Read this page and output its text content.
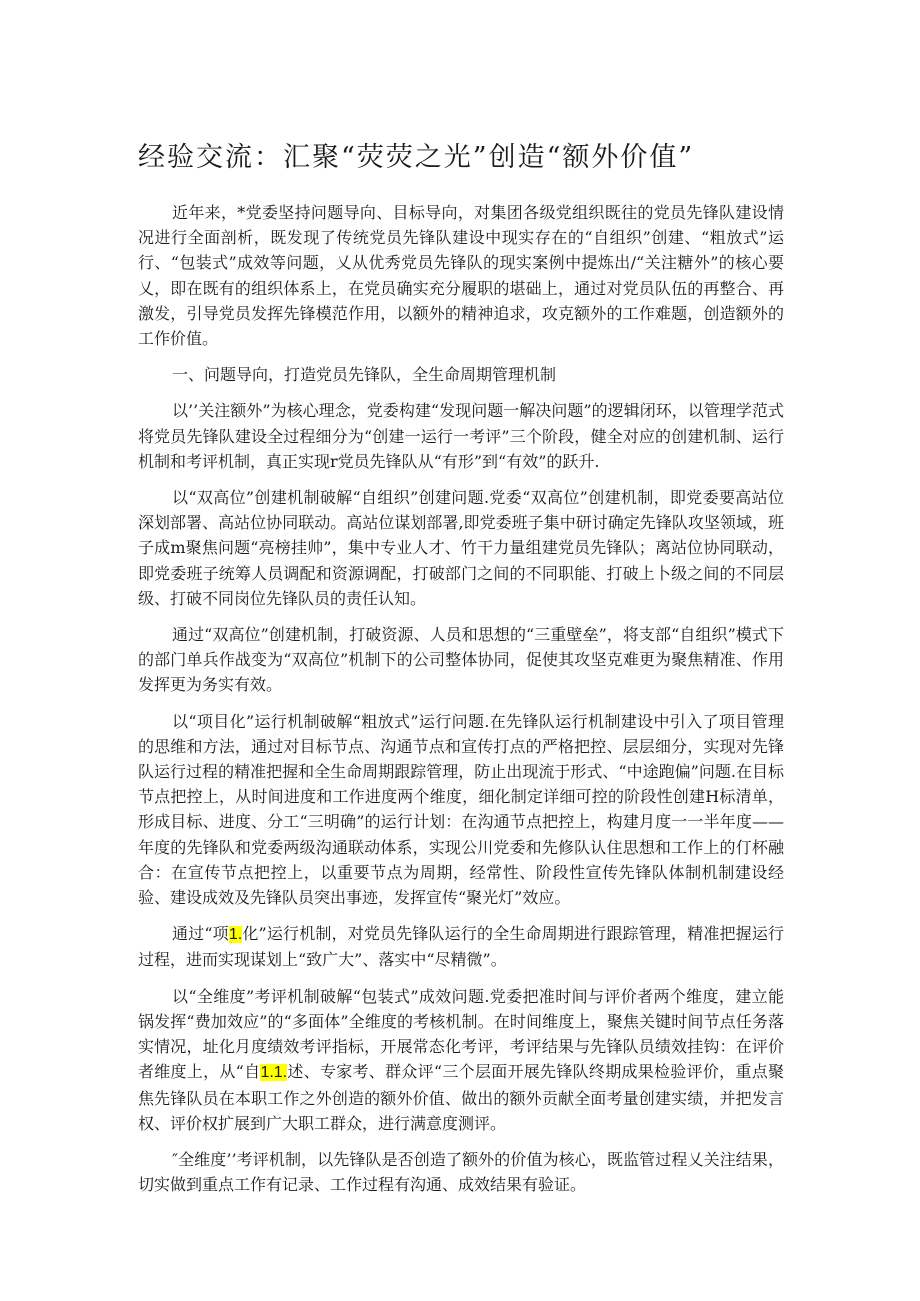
经验交流：汇聚“荧荧之光”创造“额外价值”

近年来，*党委坚持问题导向、目标导向，对集团各级党组织既往的党员先锋队建设情况进行全面剖析，既发现了传统党员先锋队建设中现实存在的“自组织”创建、“粗放式”运行、“包装式”成效等问题，乂从优秀党员先锋队的现实案例中提炼出/“关注糖外”的核心要乂，即在既有的组织体系上，在党员确实充分履职的堪础上，通过对党员队伍的再整合、再激发，引导党员发挥先锋模范作用，以额外的精神追求，攻克额外的工作难题，创造额外的工作价值。

一、问题导向，打造党员先锋队，全生命周期管理机制

以’’关注额外”为核心理念，党委构建“发现问题一解决问题”的逻辑闭环，以管理学范式将党员先锋队建设全过程细分为“创建一运行一考评”三个阶段，健全对应的创建机制、运行机制和考评机制，真正实现r党员先锋队从“有形”到“有效”的跃升.

以“双高位”创建机制破解“自组织”创建问题.党委“双高位”创建机制，即党委要高站位深划部署、高站位协同联动。高站位谋划部署,即党委班子集中研讨确定先锋队攻坚领域，班子成m聚焦问题“亮榜挂帅”，集中专业人才、竹干力量组建党员先锋队；离站位协同联动，即党委班子统筹人员调配和资源调配，打破部门之间的不同职能、打破上卜级之间的不同层级、打破不同岗位先锋队员的责任认知。

通过“双高位”创建机制，打破资源、人员和思想的“三重壁垒”，将支部“自组织”模式下的部门单兵作战变为“双高位”机制下的公司整体协同，促使其攻坚克难更为聚焦精准、作用发挥更为务实有效。

以“项目化”运行机制破解“粗放式”运行问题.在先锋队运行机制建设中引入了项目管理的思维和方法，通过对目标节点、沟通节点和宣传打点的严格把控、层层细分，实现对先锋队运行过程的精准把握和全生命周期跟踪管理，防止出现流于形式、“中途跑偏”问题.在目标节点把控上，从时间进度和工作进度两个维度，细化制定详细可控的阶段性创建H标清单，形成目标、进度、分工“三明确”的运行计划：在沟通节点把控上，构建月度一一半年度——年度的先锋队和党委两级沟通联动体系，实现公川党委和先修队认住思想和工作上的仃杯融合：在宣传节点把控上，以重要节点为周期，经常性、阶段性宣传先锋队体制机制建设经验、建设成效及先锋队员突出事迹，发挥宣传“聚光灯”效应。

通过“项1.化”运行机制，对党员先锋队运行的全生命周期进行跟踪管理，精准把握运行过程，进而实现谋划上“致广大”、落实中“尽精微”。

以“全维度”考评机制破解“包装式”成效问题.党委把准时间与评价者两个维度，建立能锅发挥“费加效应”的“多面体”全维度的考核机制。在时间维度上，聚焦关键时间节点任务落实情况，址化月度绩效考评指标，开展常态化考评，考评结果与先锋队员绩效挂钩：在评价者维度上，从“自1.1.述、专家考、群众评“三个层面开展先锋队终期成果检验评价，重点聚焦先锋队员在本职工作之外创造的额外价值、做出的额外贡献全面考量创建实绩，并把发言权、评价权扩展到广大职工群众，进行满意度测评。

″全维度’’考评机制，以先锋队是否创造了额外的价值为核心，既监管过程乂关注结果，切实做到重点工作有记录、工作过程有沟通、成效结果有验证。
